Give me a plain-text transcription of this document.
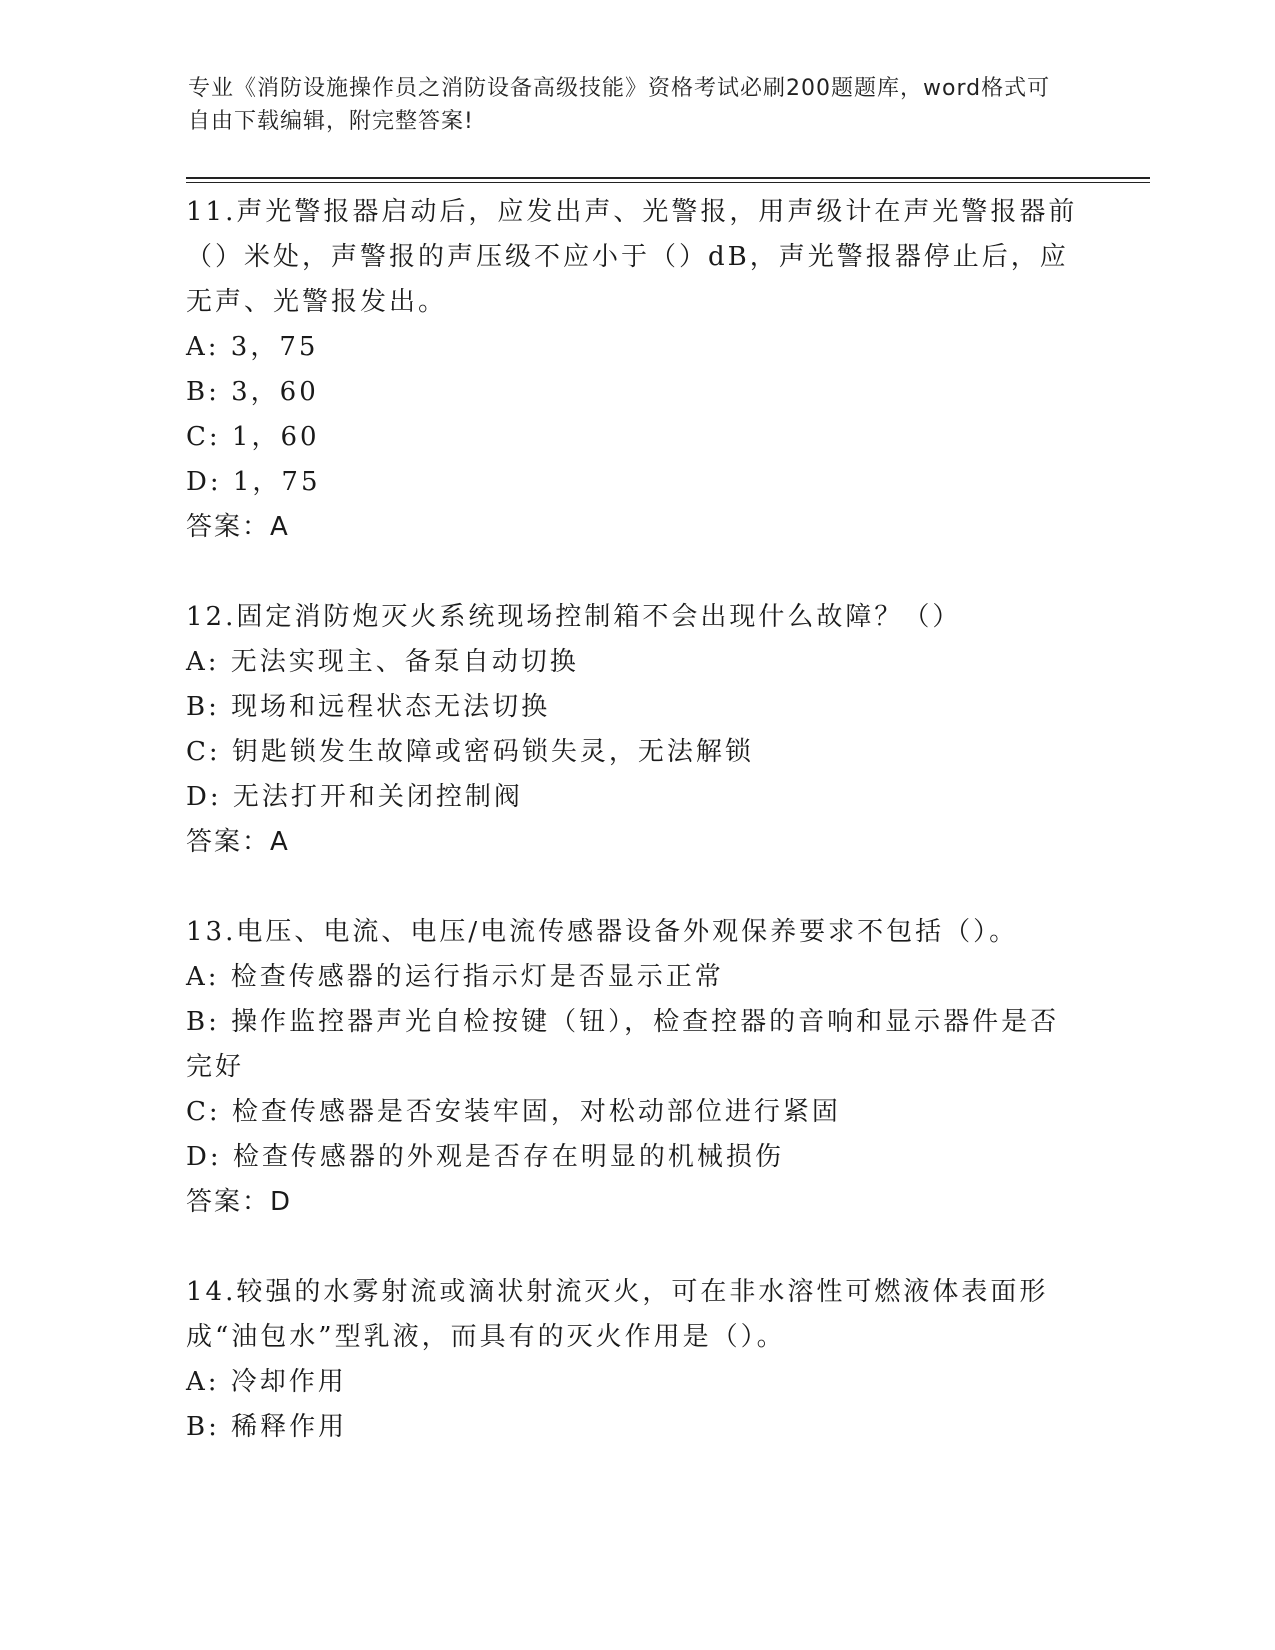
专业《消防设施操作员之消防设备高级技能》资格考试必刷200题题库，word格式可自由下载编辑，附完整答案!

11.声光警报器启动后，应发出声、光警报，用声级计在声光警报器前（）米处，声警报的声压级不应小于（）dB，声光警报器停止后，应无声、光警报发出。

A: 3，75

B: 3，60

C: 1，60

D: 1，75

答案：A

12.固定消防炮灭火系统现场控制箱不会出现什么故障？（）

A: 无法实现主、备泵自动切换

B: 现场和远程状态无法切换

C: 钥匙锁发生故障或密码锁失灵，无法解锁

D: 无法打开和关闭控制阀

答案：A

13.电压、电流、电压/电流传感器设备外观保养要求不包括（）。

A: 检查传感器的运行指示灯是否显示正常

B: 操作监控器声光自检按键（钮），检查控器的音响和显示器件是否完好

C: 检查传感器是否安装牢固，对松动部位进行紧固

D: 检查传感器的外观是否存在明显的机械损伤

答案：D

14.较强的水雾射流或滴状射流灭火，可在非水溶性可燃液体表面形成“油包水”型乳液，而具有的灭火作用是（）。

A: 冷却作用

B: 稀释作用
